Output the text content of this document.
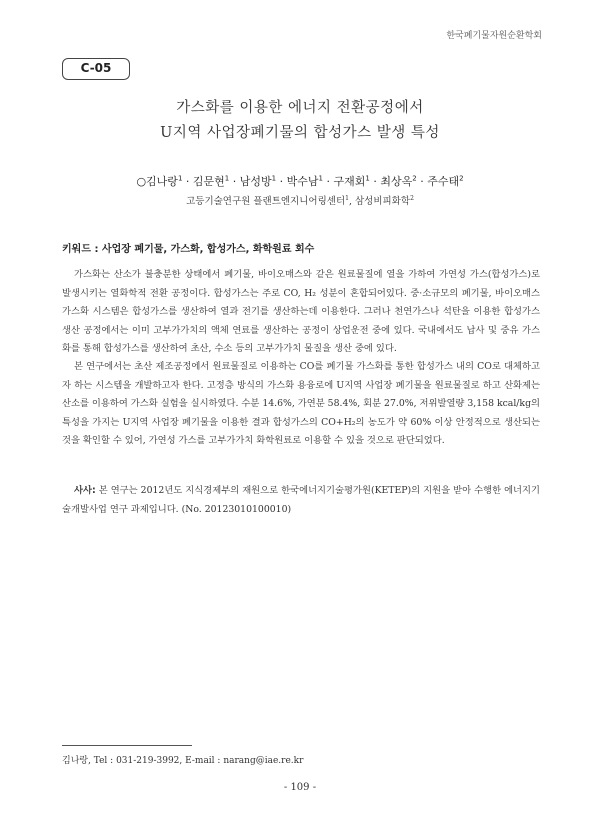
한국폐기물자원순환학회
C-05
가스화를 이용한 에너지 전환공정에서
U지역 사업장폐기물의 합성가스 발생 특성
○김나랑$^1$ · 김문현$^1$ · 남성방$^1$ · 박수남$^1$ · 구재회$^1$ · 최상옥$^2$ · 주수태$^2$
고등기술연구원 플랜트엔지니어링센터$^1$, 삼성비피화학$^2$
키워드 : 사업장 폐기물, 가스화, 합성가스, 화학원료 회수

가스화는 산소가 불충분한 상태에서 폐기물, 바이오매스와 같은 원료물질에 열을 가하여 가연성 가스(합성가스)로 발생시키는 열화학적 전환 공정이다. 합성가스는 주로 CO, H₂ 성분이 혼합되어있다. 중·소규모의 폐기물, 바이오매스 가스화 시스템은 합성가스를 생산하여 열과 전기를 생산하는데 이용한다. 그러나 천연가스나 석탄을 이용한 합성가스 생산 공정에서는 이미 고부가가치의 액체 연료를 생산하는 공정이 상업운전 중에 있다. 국내에서도 납사 및 중유 가스화를 통해 합성가스를 생산하여 초산, 수소 등의 고부가가치 물질을 생산 중에 있다.

본 연구에서는 초산 제조공정에서 원료물질로 이용하는 CO를 폐기물 가스화를 통한 합성가스 내의 CO로 대체하고자 하는 시스템을 개발하고자 한다. 고정층 방식의 가스화 용융로에 U지역 사업장 폐기물을 원료물질로 하고 산화제는 산소를 이용하여 가스화 실험을 실시하였다. 수분 14.6%, 가연분 58.4%, 회분 27.0%, 저위발열량 3,158 kcal/kg의 특성을 가지는 U지역 사업장 폐기물을 이용한 결과 합성가스의 CO+H₂의 농도가 약 60% 이상 안정적으로 생산되는 것을 확인할 수 있어, 가연성 가스를 고부가가치 화학원료로 이용할 수 있을 것으로 판단되었다.

사사: 본 연구는 2012년도 지식경제부의 재원으로 한국에너지기술평가원(KETEP)의 지원을 받아 수행한 에너지기술개발사업 연구 과제입니다. (No. 20123010100010)

김나랑, Tel : 031-219-3992, E-mail : narang@iae.re.kr
- 109 -
